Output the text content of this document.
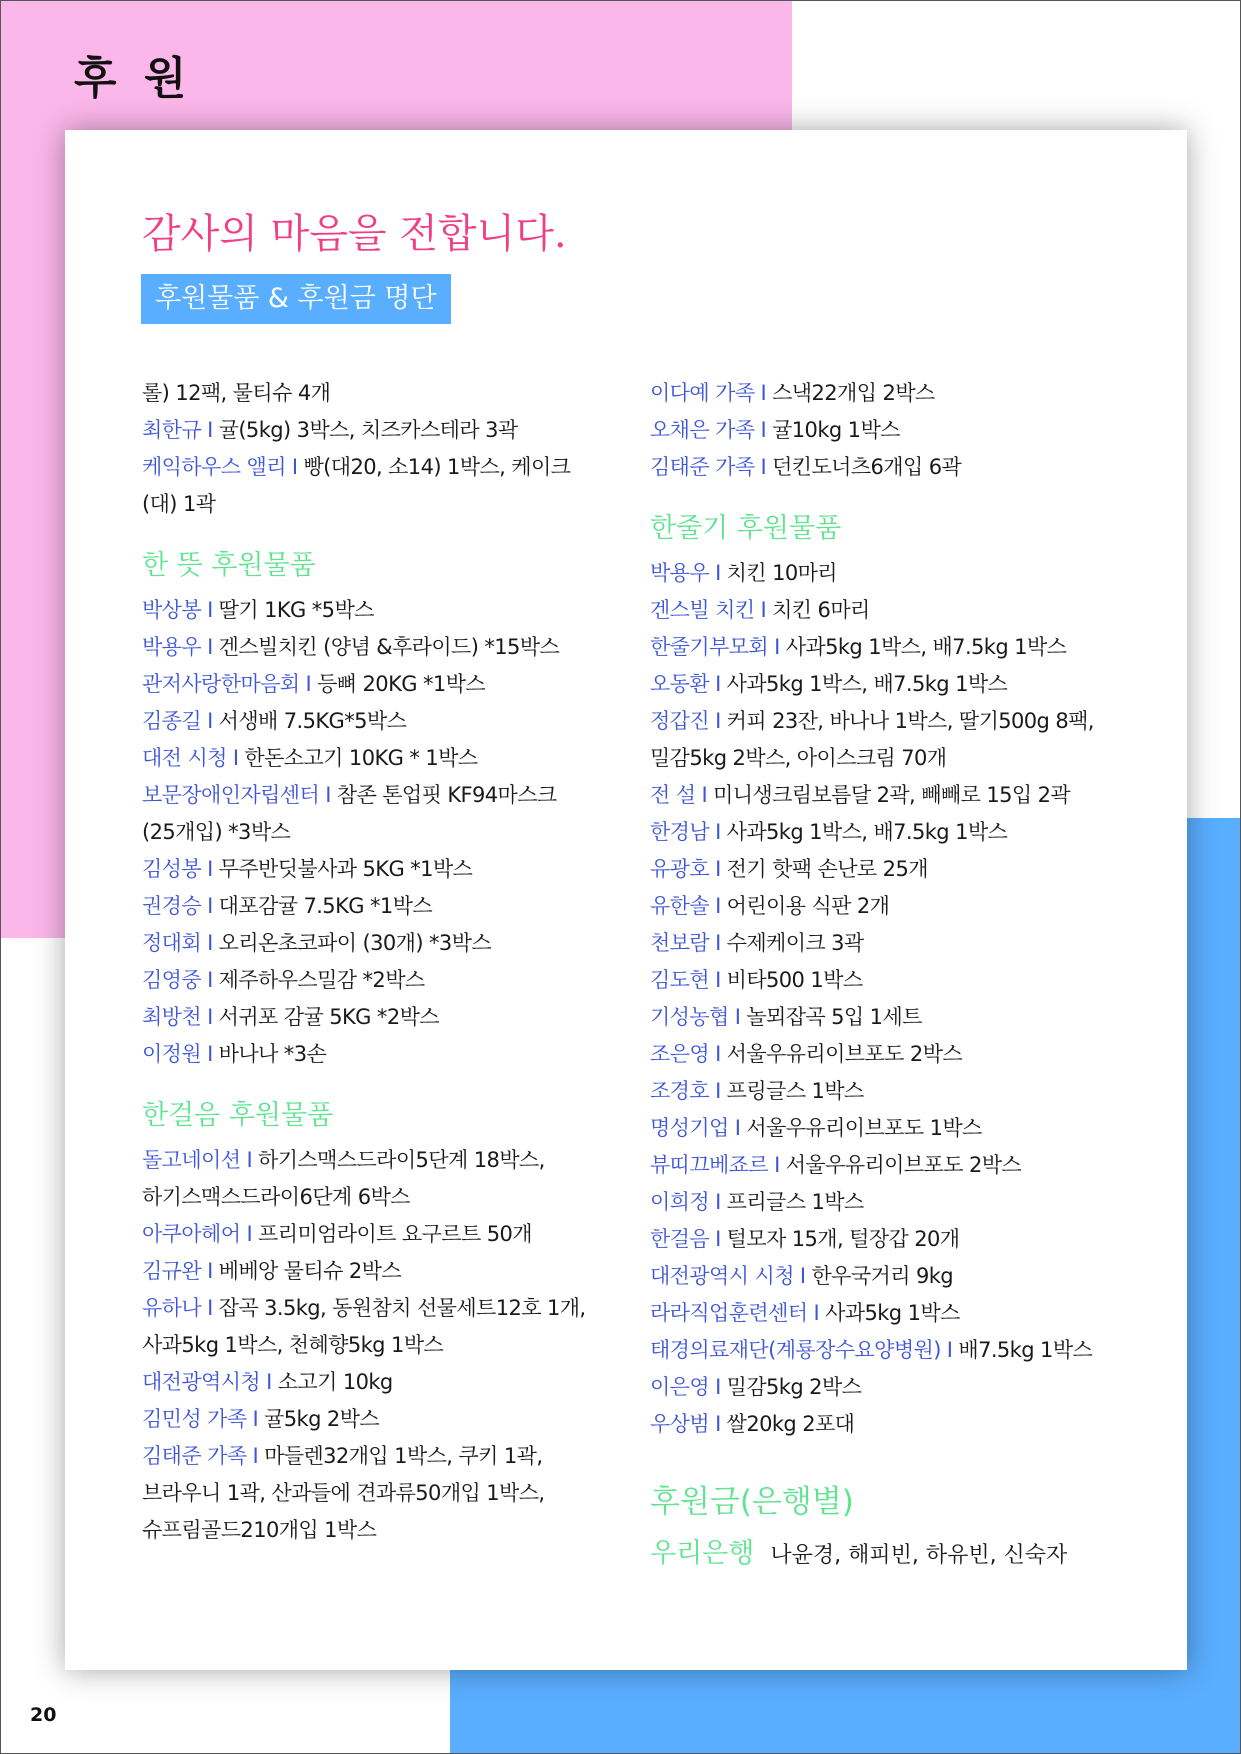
후 원
감사의 마음을 전합니다.
후원물품 & 후원금 명단
롤) 12팩, 물티슈 4개
최한규 I 귤(5kg) 3박스, 치즈카스테라 3곽
케익하우스 앨리 I 빵(대20, 소14) 1박스, 케이크 (대) 1곽
한 뜻 후원물품
박상봉 I 딸기 1KG *5박스
박용우 I 겐스빌치킨 (양념 &후라이드) *15박스
관저사랑한마음회 I 등뼈 20KG *1박스
김종길 I 서생배 7.5KG*5박스
대전 시청 I 한돈소고기 10KG * 1박스
보문장애인자립센터 I 참존 톤업핏 KF94마스크(25개입) *3박스
김성봉 I 무주반딧불사과 5KG *1박스
권경승 I 대포감귤 7.5KG *1박스
정대회 I 오리온초코파이 (30개) *3박스
김영중 I 제주하우스밀감 *2박스
최방천 I 서귀포 감귤 5KG *2박스
이정원 I 바나나 *3손
한걸음 후원물품
돌고네이션 I 하기스맥스드라이5단계 18박스, 하기스맥스드라이6단계 6박스
아쿠아헤어 I 프리미엄라이트 요구르트 50개
김규완 I 베베앙 물티슈 2박스
유하나 I 잡곡 3.5kg, 동원참치 선물세트12호 1개, 사과5kg 1박스, 천혜향5kg 1박스
대전광역시청 I 소고기 10kg
김민성 가족 I 귤5kg 2박스
김태준 가족 I 마들렌32개입 1박스, 쿠키 1곽, 브라우니 1곽, 산과들에 견과류50개입 1박스, 슈프림골드210개입 1박스
이다예 가족 I 스낵22개입 2박스
오채은 가족 I 귤10kg 1박스
김태준 가족 I 던킨도너츠6개입 6곽
한줄기 후원물품
박용우 I 치킨 10마리
겐스빌 치킨 I 치킨 6마리
한줄기부모회 I 사과5kg 1박스, 배7.5kg 1박스
오동환 I 사과5kg 1박스, 배7.5kg 1박스
정갑진 I 커피 23잔, 바나나 1박스, 딸기500g 8팩, 밀감5kg 2박스, 아이스크림 70개
전 설 I 미니생크림보름달 2곽, 빼빼로 15입 2곽
한경남 I 사과5kg 1박스, 배7.5kg 1박스
유광호 I 전기 핫팩 손난로 25개
유한솔 I 어린이용 식판 2개
천보람 I 수제케이크 3곽
김도현 I 비타500 1박스
기성농협 I 놀뫼잡곡 5입 1세트
조은영 I 서울우유리이브포도 2박스
조경호 I 프링글스 1박스
명성기업 I 서울우유리이브포도 1박스
뷰띠끄베죠르 I 서울우유리이브포도 2박스
이희정 I 프리글스 1박스
한걸음 I 털모자 15개, 털장갑 20개
대전광역시 시청 I 한우국거리 9kg
라라직업훈련센터 I 사과5kg 1박스
태경의료재단(계룡장수요양병원) I 배7.5kg 1박스
이은영 I 밀감5kg 2박스
우상범 I 쌀20kg 2포대
후원금(은행별)
우리은행 나윤경, 해피빈, 하유빈, 신숙자
20
